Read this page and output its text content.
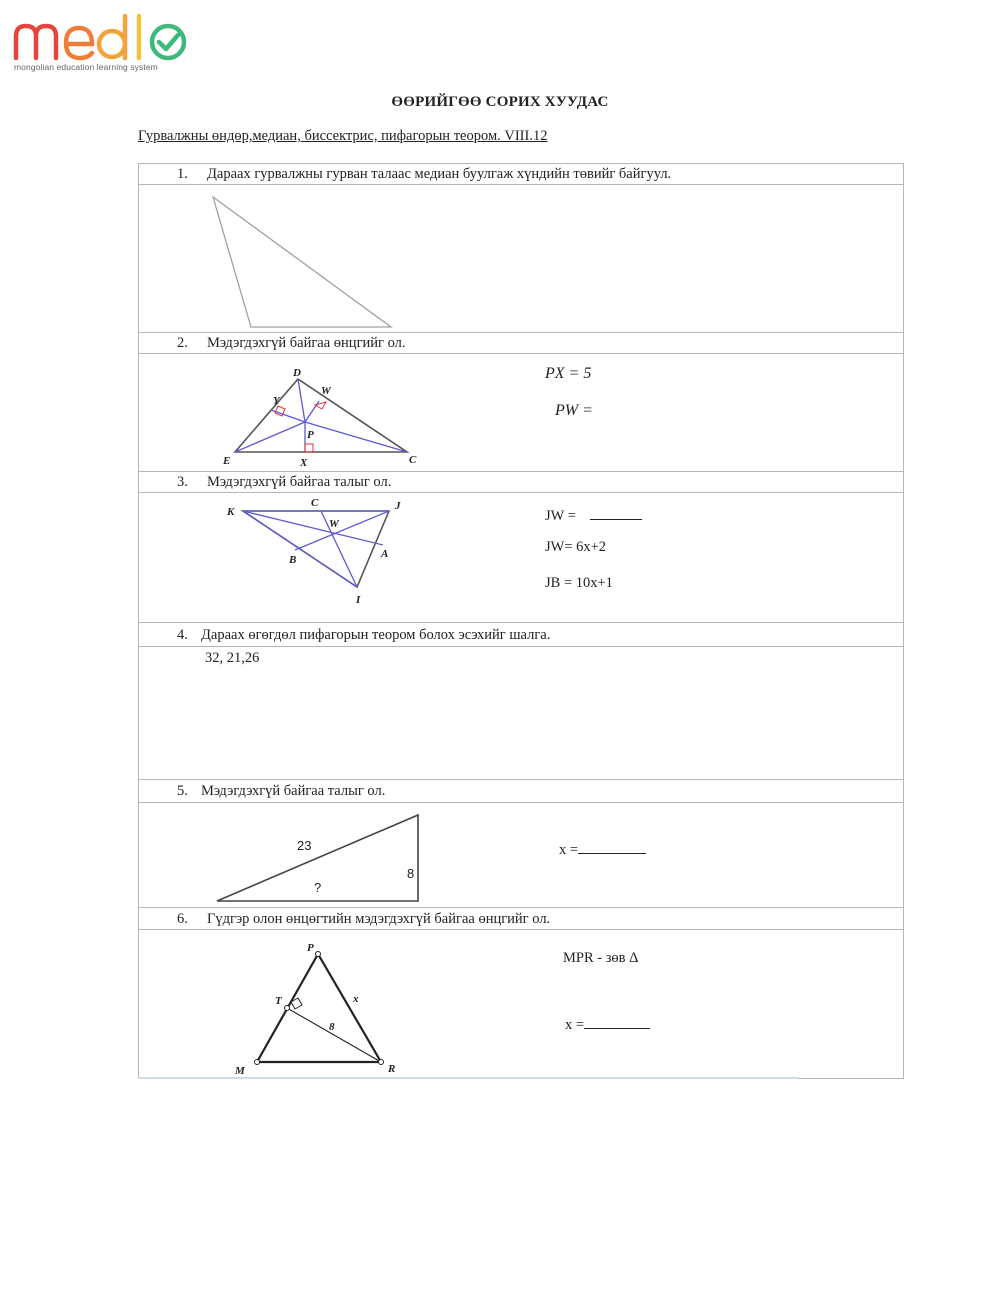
mongolian education learning system
ӨӨРИЙГӨӨ СОРИХ ХУУДАС
Гурвалжны өндөр,медиан, биссектрис, пифагорын теором. VIII.12
1. Дараах гурвалжны гурван талаас медиан буулгаж хүндийн төвийг байгуул.
2. Мэдэгдэхгүй байгаа өнцгийг ол.
D
W
Y
P
E	X	C
PX = 5
PW =
3. Мэдэгдэхгүй байгаа талыг ол.
K
C	J
W
B	A
I
JW =
JW= 6x+2
JB = 10x+1
4. Дараах өгөгдөл пифагорын теором болох эсэхийг шалга.
32, 21,26
5. Мэдэгдэхгүй байгаа талыг ол.
23
8
?
x =
6. Гүдгэр олон өнцөгтийн мэдэгдэхгүй байгаа өнцгийг ол.
P
T	x
8
M	R
MPR - зөв Δ
x =
